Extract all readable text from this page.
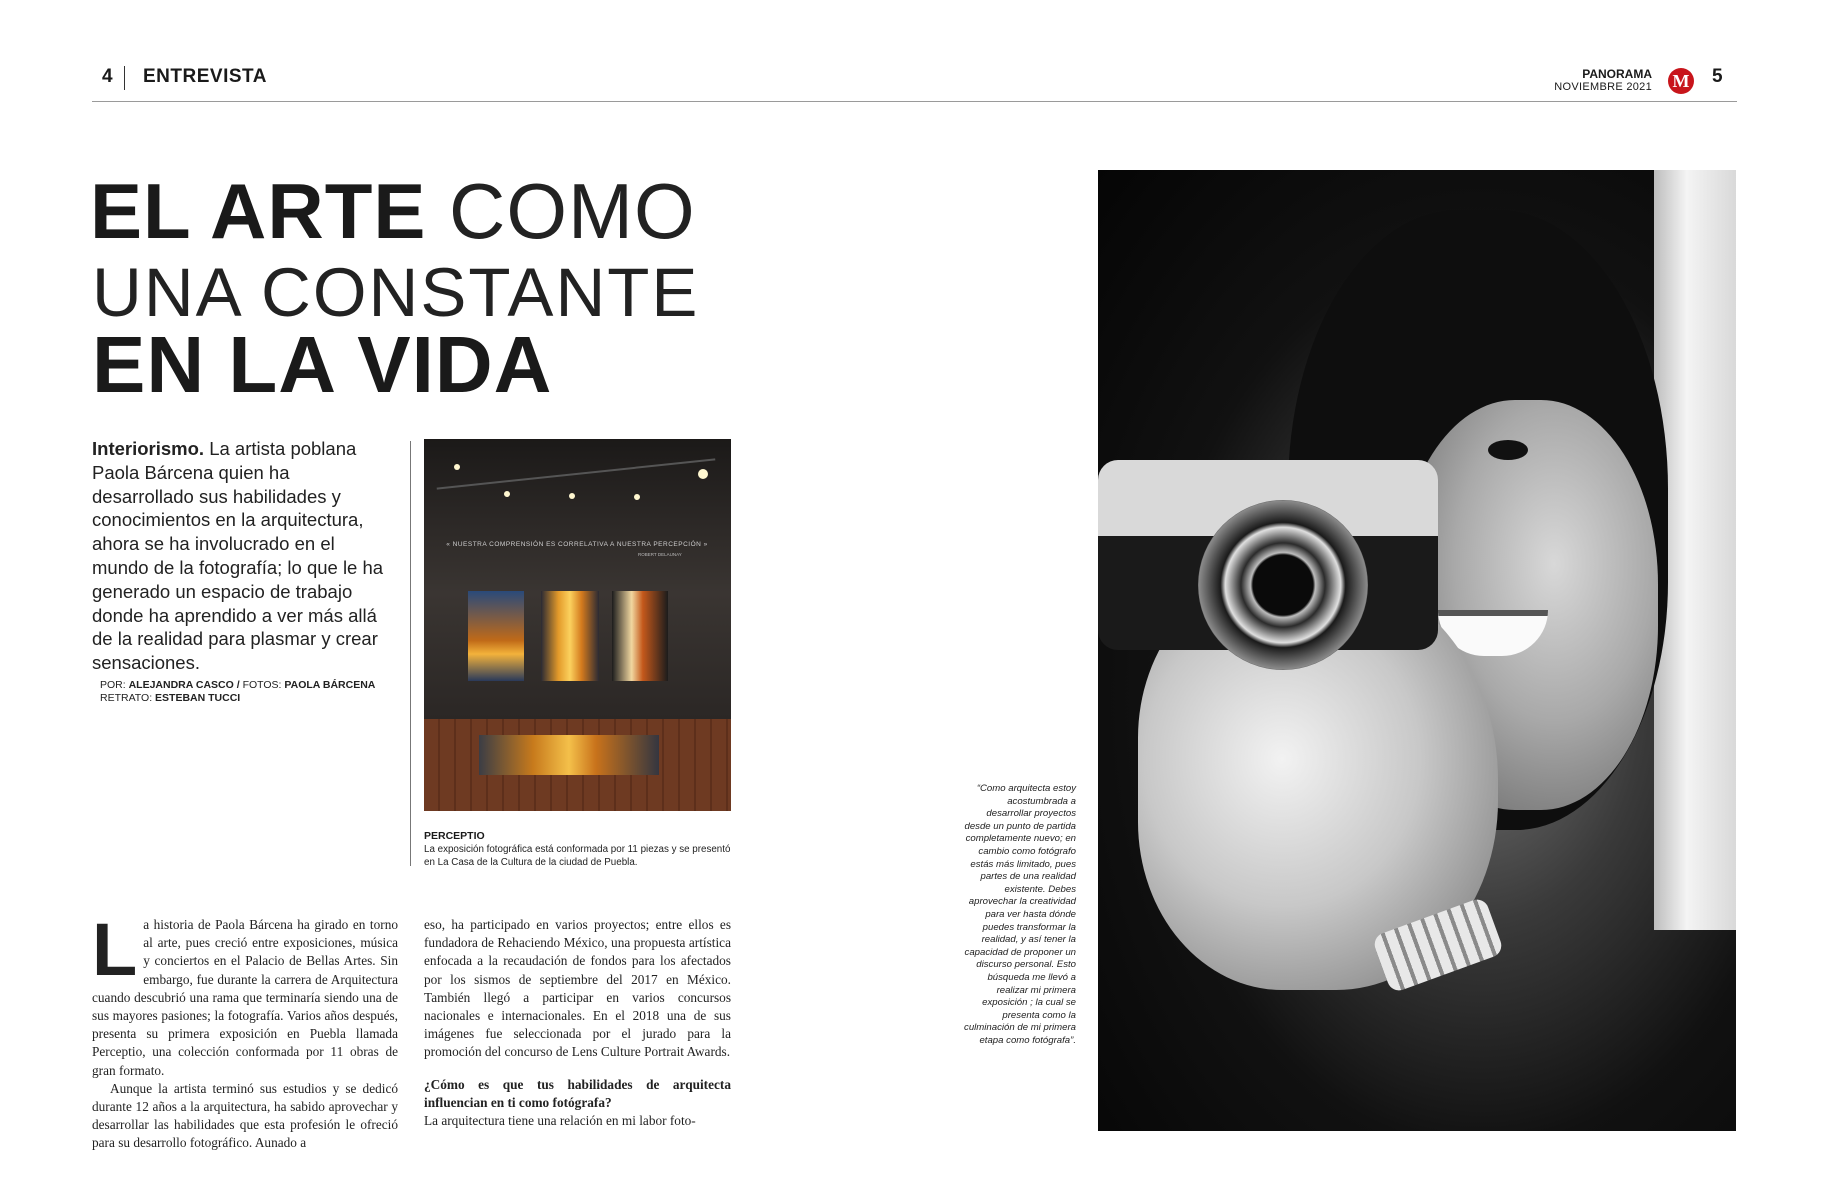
4 ENTREVISTA	PANORAMA
NOVIEMBRE 2021 M 5
EL ARTE COMO
UNA CONSTANTE
EN LA VIDA
Interiorismo. La artista poblana Paola Bárcena quien ha desarrollado sus habilidades y conocimientos en la arquitectura, ahora se ha involucrado en el mundo de la fotografía; lo que le ha generado un espacio de trabajo donde ha aprendido a ver más allá de la realidad para plasmar y crear sensaciones.
POR: ALEJANDRA CASCO / FOTOS: PAOLA BÁRCENA
RETRATO: ESTEBAN TUCCI
« NUESTRA COMPRENSIÓN ES CORRELATIVA A NUESTRA PERCEPCIÓN »
ROBERT DELAUNAY
PERCEPTIO
La exposición fotográfica está conformada por 11 piezas y se presentó en La Casa de la Cultura de la ciudad de Puebla.
La historia de Paola Bárcena ha girado en torno al arte, pues creció entre exposiciones, música y conciertos en el Palacio de Bellas Artes. Sin embargo, fue durante la carrera de Arquitectura cuando descubrió una rama que terminaría siendo una de sus mayores pasiones; la fotografía. Varios años después, presenta su primera exposición en Puebla llamada Perceptio, una colección conformada por 11 obras de gran formato.
Aunque la artista terminó sus estudios y se dedicó durante 12 años a la arquitectura, ha sabido aprovechar y desarrollar las habilidades que esta profesión le ofreció para su desarrollo fotográfico. Aunado a
eso, ha participado en varios proyectos; entre ellos es fundadora de Rehaciendo México, una propuesta artística enfocada a la recaudación de fondos para los afectados por los sismos de septiembre del 2017 en México. También llegó a participar en varios concursos nacionales e internacionales. En el 2018 una de sus imágenes fue seleccionada por el jurado para la promoción del concurso de Lens Culture Portrait Awards.
¿Cómo es que tus habilidades de arquitecta influencian en ti como fotógrafa?
La arquitectura tiene una relación en mi labor foto-
“Como arquitecta estoy acostumbrada a desarrollar proyectos desde un punto de partida completamente nuevo; en cambio como fotógrafo estás más limitado, pues partes de una realidad existente. Debes aprovechar la creatividad para ver hasta dónde puedes transformar la realidad, y así tener la capacidad de proponer un discurso personal. Esto búsqueda me llevó a realizar mi primera exposición ; la cual se presenta como la culminación de mi primera etapa como fotógrafa”.
